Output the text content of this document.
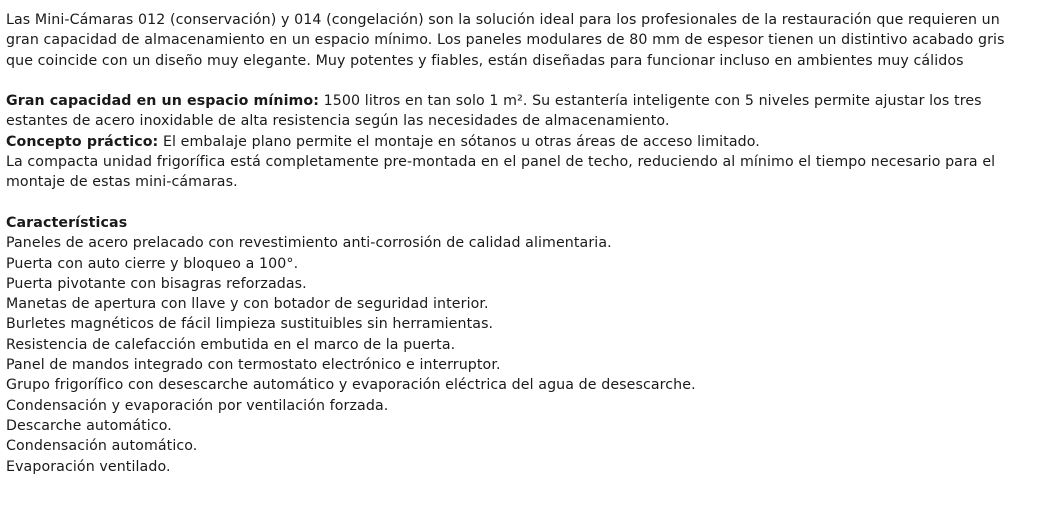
Las Mini-Cámaras 012 (conservación) y 014 (congelación) son la solución ideal para los profesionales de la restauración que requieren un gran capacidad de almacenamiento en un espacio mínimo. Los paneles modulares de 80 mm de espesor tienen un distintivo acabado gris que coincide con un diseño muy elegante. Muy potentes y fiables, están diseñadas para funcionar incluso en ambientes muy cálidos

Gran capacidad en un espacio mínimo: 1500 litros en tan solo 1 m². Su estantería inteligente con 5 niveles permite ajustar los tres estantes de acero inoxidable de alta resistencia según las necesidades de almacenamiento.

Concepto práctico: El embalaje plano permite el montaje en sótanos u otras áreas de acceso limitado.

La compacta unidad frigorífica está completamente pre-montada en el panel de techo, reduciendo al mínimo el tiempo necesario para el montaje de estas mini-cámaras.

Características
Paneles de acero prelacado con revestimiento anti-corrosión de calidad alimentaria.
Puerta con auto cierre y bloqueo a 100°.
Puerta pivotante con bisagras reforzadas.
Manetas de apertura con llave y con botador de seguridad interior.
Burletes magnéticos de fácil limpieza sustituibles sin herramientas.
Resistencia de calefacción embutida en el marco de la puerta.
Panel de mandos integrado con termostato electrónico e interruptor.
Grupo frigorífico con desescarche automático y evaporación eléctrica del agua de desescarche.
Condensación y evaporación por ventilación forzada.
Descarche automático.
Condensación automático.
Evaporación ventilado.
